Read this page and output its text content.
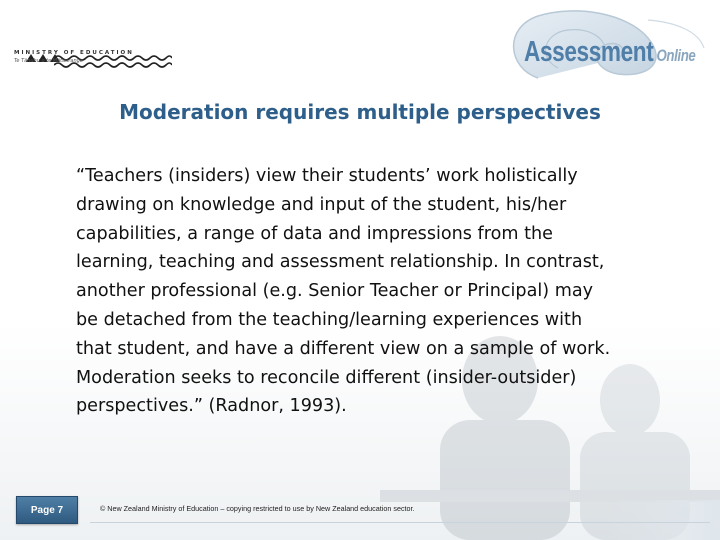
MINISTRY OF EDUCATION
Te Tāhuhu o te Mātauranga	Assessment Online
Moderation requires multiple perspectives

“Teachers (insiders) view their students’ work holistically

drawing on knowledge and input of the student, his/her

capabilities, a range of data and impressions from the

learning, teaching and assessment relationship. In contrast,

another professional (e.g. Senior Teacher or Principal) may

be detached from the teaching/learning experiences with

that student, and have a different view on a sample of work.

Moderation seeks to reconcile different (insider-outsider)

perspectives.” (Radnor, 1993).

Page 7	© New Zealand Ministry of Education – copying restricted to use by New Zealand education sector.
